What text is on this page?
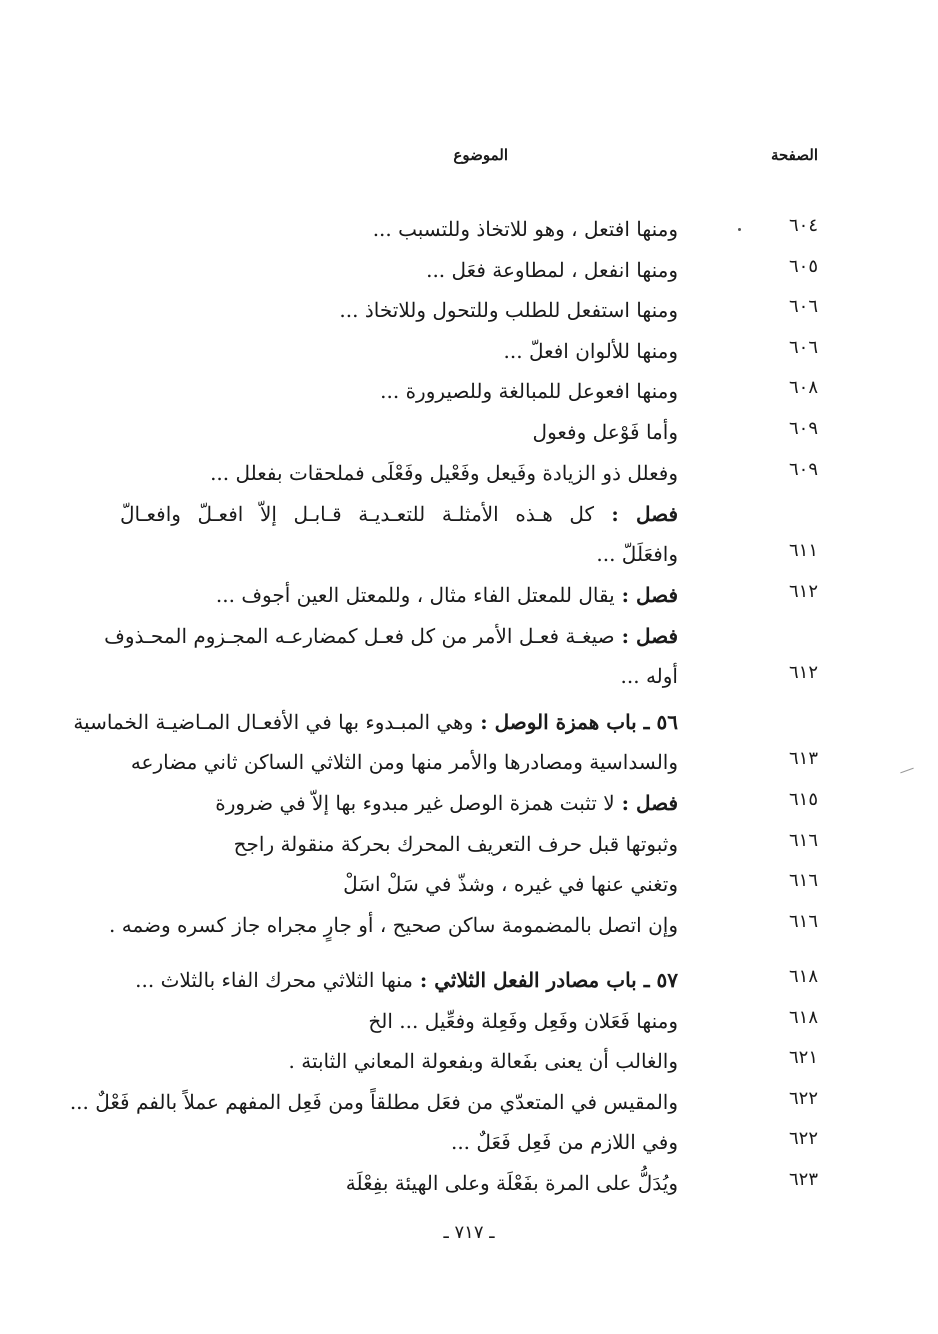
الصفحة
الموضوع
٦٠٤
ومنها افتعل ، وهو للاتخاذ وللتسبب ...
٦٠٥
ومنها انفعل ، لمطاوعة فعَل ...
٦٠٦
ومنها استفعل للطلب وللتحول وللاتخاذ ...
٦٠٦
ومنها للألوان افعلّ ...
٦٠٨
ومنها افعوعل للمبالغة وللصيرورة ...
٦٠٩
وأما فَوْعل وفعول
٦٠٩
وفعلل ذو الزيادة وفَيعل وفَعْيل وفَعْلَى فملحقات بفعلل ...
فصل : كل هـذه الأمثلـة للتعـديـة قـابـل إلاّ افعـلّ وافعـالّ
٦١١
وافعَلَلّ ...
٦١٢
فصل : يقال للمعتل الفاء مثال ، وللمعتل العين أجوف ...
فصل : صيغـة فعـل الأمر من كل فعـل كمضارعـه المجـزوم المحـذوف
٦١٢
أوله ...
٥٦ ـ باب همزة الوصل : وهي المبـدوء بها في الأفعـال المـاضيـة الخماسية
٦١٣
والسداسية ومصادرها والأمر منها ومن الثلاثي الساكن ثاني مضارعه
٦١٥
فصل : لا تثبت همزة الوصل غير مبدوء بها إلاّ في ضرورة
٦١٦
وثبوتها قبل حرف التعريف المحرك بحركة منقولة راجح
٦١٦
وتغني عنها في غيره ، وشذّ في سَلْ اسَلْ
٦١٦
وإن اتصل بالمضمومة ساكن صحيح ، أو جارٍ مجراه جاز كسره وضمه .
٦١٨
٥٧ ـ باب مصادر الفعل الثلاثي : منها الثلاثي محرك الفاء بالثلاث ...
٦١٨
ومنها فَعَلان وفَعِل وفَعِلة وفعِّيل ... الخ
٦٢١
والغالب أن يعنى بفَعالة وبفعولة المعاني الثابتة .
٦٢٢
والمقيس في المتعدّي من فعَل مطلقاً ومن فَعِل المفهم عملاً بالفم فَعْلٌ ...
٦٢٢
وفي اللازم من فَعِل فَعَلٌ ...
٦٢٣
ويُدَلُّ على المرة بفَعْلَة وعلى الهيئة بفِعْلَة
ـ ٧١٧ ـ
